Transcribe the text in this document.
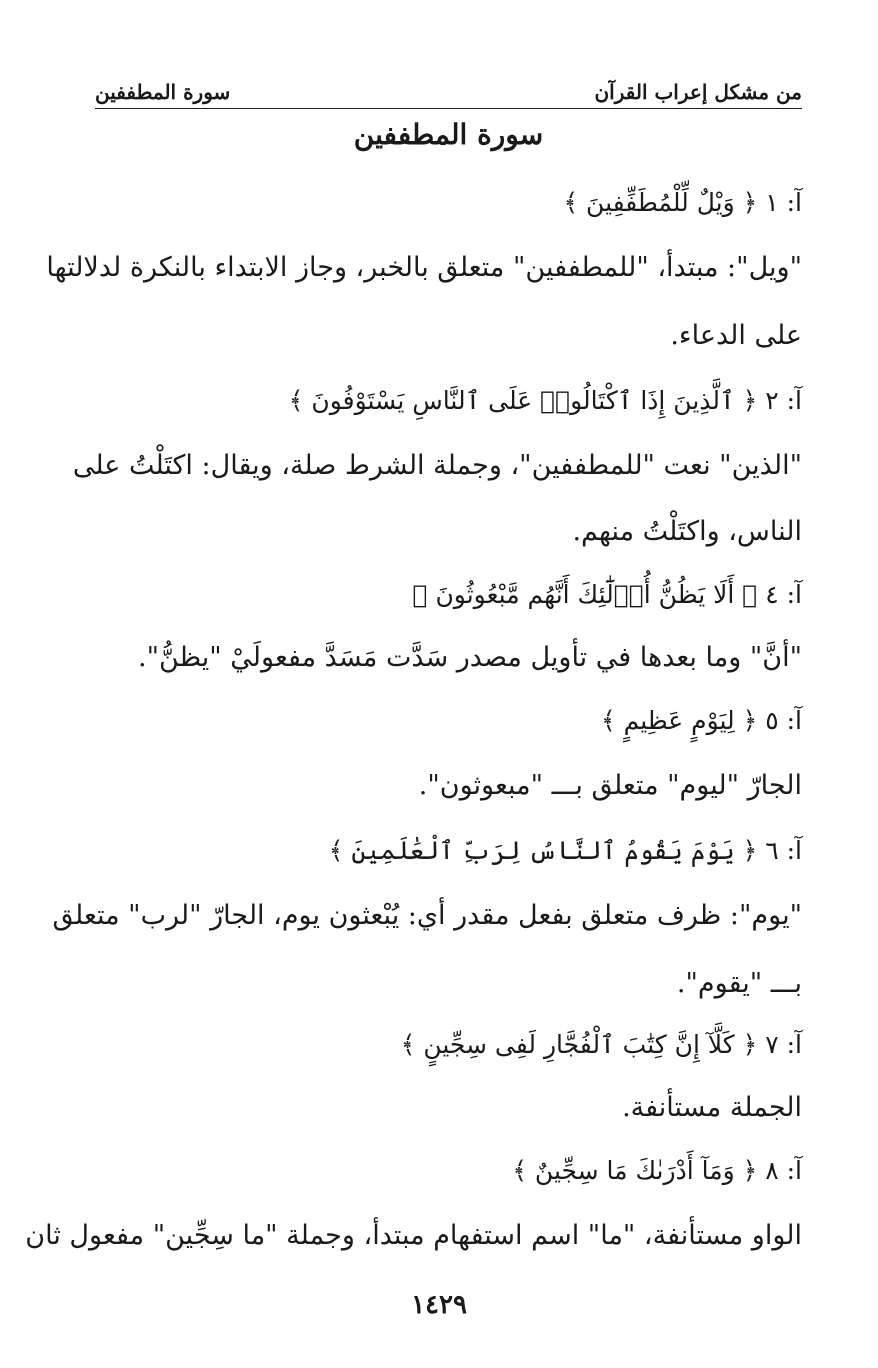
من مشكل إعراب القرآن
سورة المطففين
سورة المطففين
آ: ١ ﴿ وَيْلٌ لِّلْمُطَفِّفِينَ ﴾
"ويل": مبتدأ، "للمطففين" متعلق بالخبر، وجاز الابتداء بالنكرة لدلالتها
على الدعاء.
آ: ٢ ﴿ ٱلَّذِينَ إِذَا ٱكْتَالُوا۟ عَلَى ٱلنَّاسِ يَسْتَوْفُونَ ﴾
"الذين" نعت "للمطففين"، وجملة الشرط صلة، ويقال: اكتَلْتُ على
الناس، واكتَلْتُ منهم.
آ: ٤ ﴿ أَلَا يَظُنُّ أُو۟لَٰٓئِكَ أَنَّهُم مَّبْعُوثُونَ ﴾
"أنَّ" وما بعدها في تأويل مصدر سَدَّت مَسَدَّ مفعولَيْ "يظنُّ".
آ: ٥ ﴿ لِيَوْمٍ عَظِيمٍ ﴾
الجارّ "ليوم" متعلق بـــ "مبعوثون".
آ: ٦ ﴿ يَوْمَ يَقُومُ ٱلنَّاسُ لِرَبِّ ٱلْعَٰلَمِينَ ﴾
"يوم": ظرف متعلق بفعل مقدر أي: يُبْعثون يوم، الجارّ "لرب" متعلق
بـــ "يقوم".
آ: ٧ ﴿ كَلَّآ إِنَّ كِتَٰبَ ٱلْفُجَّارِ لَفِى سِجِّينٍ ﴾
الجملة مستأنفة.
آ: ٨ ﴿ وَمَآ أَدْرَىٰكَ مَا سِجِّينٌ ﴾
الواو مستأنفة، "ما" اسم استفهام مبتدأ، وجملة "ما سِجِّين" مفعول ثان
١٤٢٩
